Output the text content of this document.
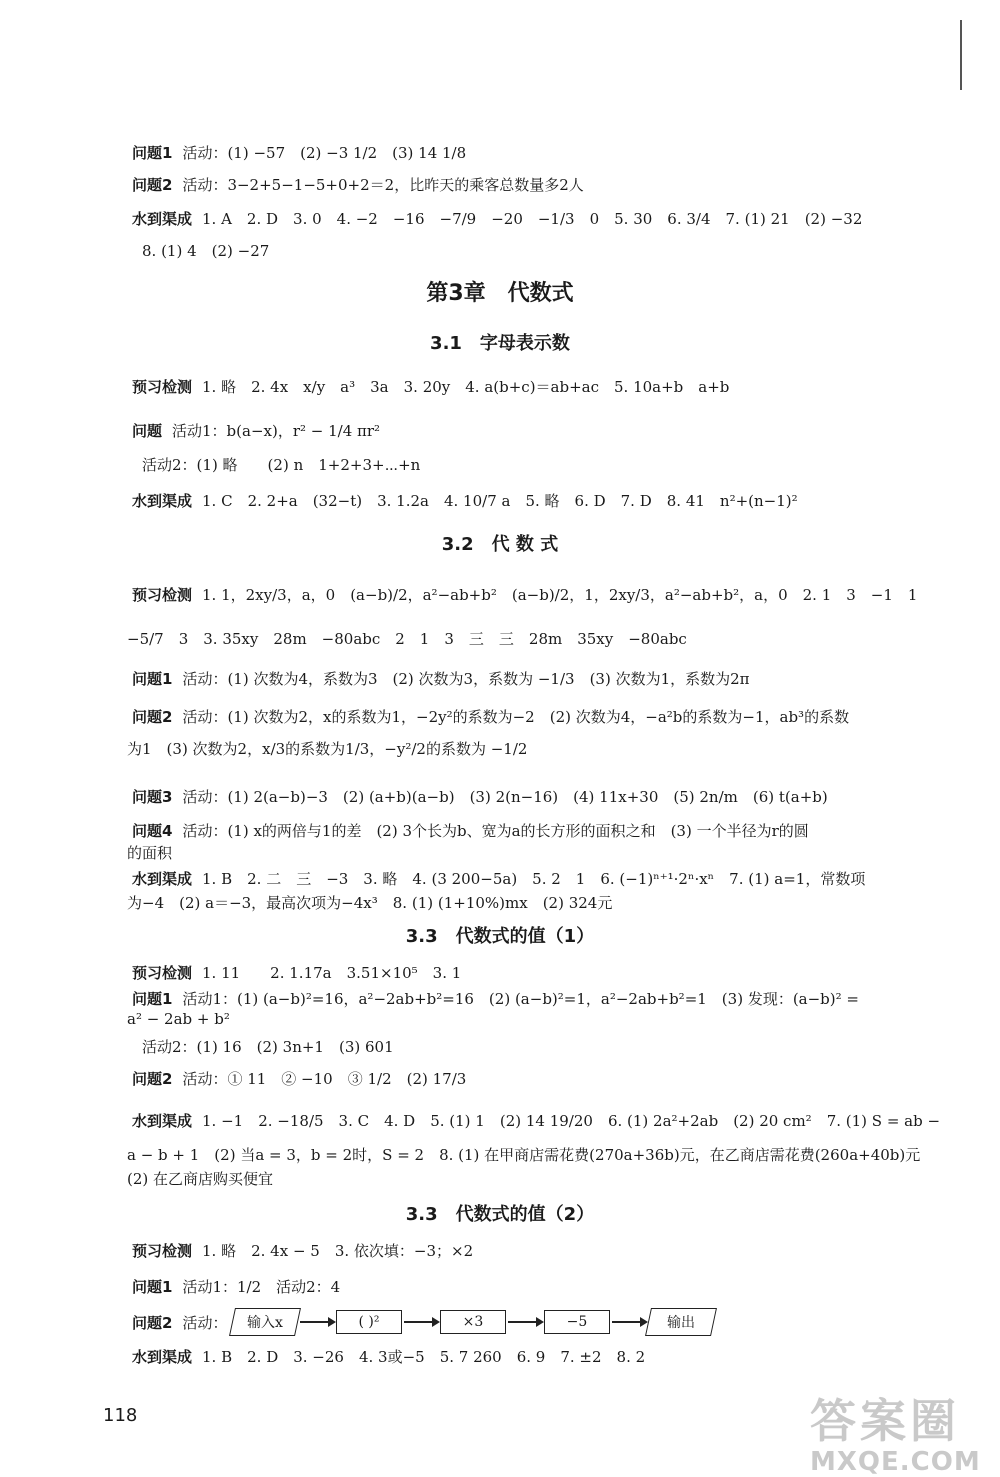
问题1 活动：(1) −57　(2) −3 1/2　(3) 14 1/8
问题2 活动：3−2+5−1−5+0+2＝2，比昨天的乘客总数量多2人
水到渠成 1. A　2. D　3. 0　4. −2　−16　−7/9　−20　−1/3　0　5. 30　6. 3/4　7. (1) 21　(2) −32
8. (1) 4　(2) −27
第3章　代数式
3.1　字母表示数
预习检测 1. 略　2. 4x　x/y　a³　3a　3. 20y　4. a(b+c)＝ab+ac　5. 10a+b　a+b
问题 活动1：b(a−x)，r² − 1/4 πr²
活动2：(1) 略　　(2) n　1+2+3+⋯+n
水到渠成 1. C　2. 2+a　(32−t)　3. 1.2a　4. 10/7 a　5. 略　6. D　7. D　8. 41　n²+(n−1)²
3.2　代 数 式
预习检测 1. 1，2xy/3，a，0　(a−b)/2，a²−ab+b²　(a−b)/2，1，2xy/3，a²−ab+b²，a，0　2. 1　3　−1　1
−5/7　3　3. 35xy　28m　−80abc　2　1　3　三　三　28m　35xy　−80abc
问题1 活动：(1) 次数为4，系数为3　(2) 次数为3，系数为 −1/3　(3) 次数为1，系数为2π
问题2 活动：(1) 次数为2，x的系数为1，−2y²的系数为−2　(2) 次数为4，−a²b的系数为−1，ab³的系数
为1　(3) 次数为2，x/3的系数为1/3，−y²/2的系数为 −1/2
问题3 活动：(1) 2(a−b)−3　(2) (a+b)(a−b)　(3) 2(n−16)　(4) 11x+30　(5) 2n/m　(6) t(a+b)
问题4 活动：(1) x的两倍与1的差　(2) 3个长为b、宽为a的长方形的面积之和　(3) 一个半径为r的圆
的面积
水到渠成 1. B　2. 二　三　−3　3. 略　4. (3 200−5a)　5. 2　1　6. (−1)ⁿ⁺¹·2ⁿ·xⁿ　7. (1) a=1，常数项
为−4　(2) a＝−3，最高次项为−4x³　8. (1) (1+10%)mx　(2) 324元
3.3　代数式的值（1）
预习检测 1. 11　　2. 1.17a　3.51×10⁵　3. 1
问题1 活动1：(1) (a−b)²=16，a²−2ab+b²=16　(2) (a−b)²=1，a²−2ab+b²=1　(3) 发现：(a−b)² =
a² − 2ab + b²
活动2：(1) 16　(2) 3n+1　(3) 601
问题2 活动：① 11　② −10　③ 1/2　(2) 17/3
水到渠成 1. −1　2. −18/5　3. C　4. D　5. (1) 1　(2) 14 19/20　6. (1) 2a²+2ab　(2) 20 cm²　7. (1) S = ab −
a − b + 1　(2) 当a = 3，b = 2时，S = 2　8. (1) 在甲商店需花费(270a+36b)元，在乙商店需花费(260a+40b)元
(2) 在乙商店购买便宜
3.3　代数式的值（2）
预习检测 1. 略　2. 4x − 5　3. 依次填：−3；×2
问题1 活动1：1/2　活动2：4
问题2 活动：	输入x	( )²	×3	−5	输出
水到渠成 1. B　2. D　3. −26　4. 3或−5　5. 7 260　6. 9　7. ±2　8. 2
118	答案圈
MXQE.COM
